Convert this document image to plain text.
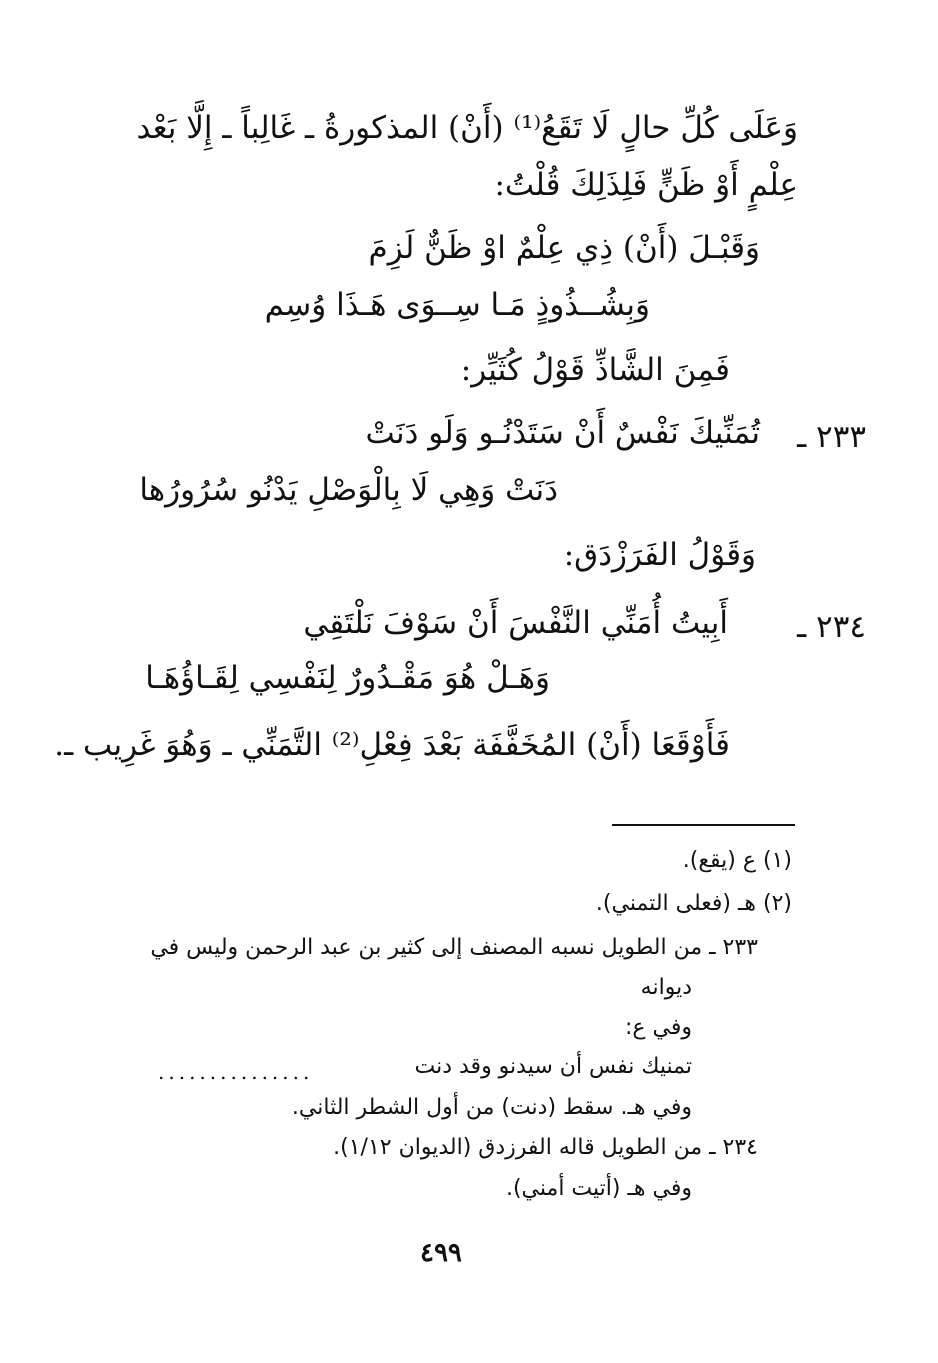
وَعَلَى كُلِّ حالٍ لَا تَقَعُ⁽¹⁾ (أَنْ) المذكورةُ ـ غَالِباً ـ إِلَّا بَعْد
عِلْمٍ أَوْ ظَنٍّ فَلِذَلِكَ قُلْتُ:
وَقَبْـلَ (أَنْ) ذِي عِلْمٌ اوْ ظَنٌّ لَزِمَ
وَبِشُــذُوذٍ مَـا سِــوَى هَـذَا وُسِم
فَمِنَ الشَّاذِّ قَوْلُ كُثَيِّر:
٢٣٣ ـ
تُمَنِّيكَ نَفْسٌ أَنْ سَتَدْنُـو وَلَو دَنَتْ
دَنَتْ وَهِي لَا بِالْوَصْلِ يَدْنُو سُرُورُها
وَقَوْلُ الفَرَزْدَق:
٢٣٤ ـ
أَبِيتُ أُمَنِّي النَّفْسَ أَنْ سَوْفَ نَلْتَقِي
وَهَـلْ هُوَ مَقْـدُورٌ لِنَفْسِي لِقَـاؤُهَـا
فَأَوْقَعَا (أَنْ) المُخَفَّفَة بَعْدَ فِعْلِ⁽²⁾ التَّمَنِّي ـ وَهُوَ غَرِيب ـ.
(١) ع (يقع).
(٢) هـ (فعلى التمني).
٢٣٣ ـ من الطويل نسبه المصنف إلى كثير بن عبد الرحمن وليس في
ديوانه
وفي ع:
تمنيك نفس أن سيدنو وقد دنت
...............
وفي هـ. سقط (دنت) من أول الشطر الثاني.
٢٣٤ ـ من الطويل قاله الفرزدق (الديوان ١/١٢).
وفي هـ (أتيت أمني).
٤٩٩
